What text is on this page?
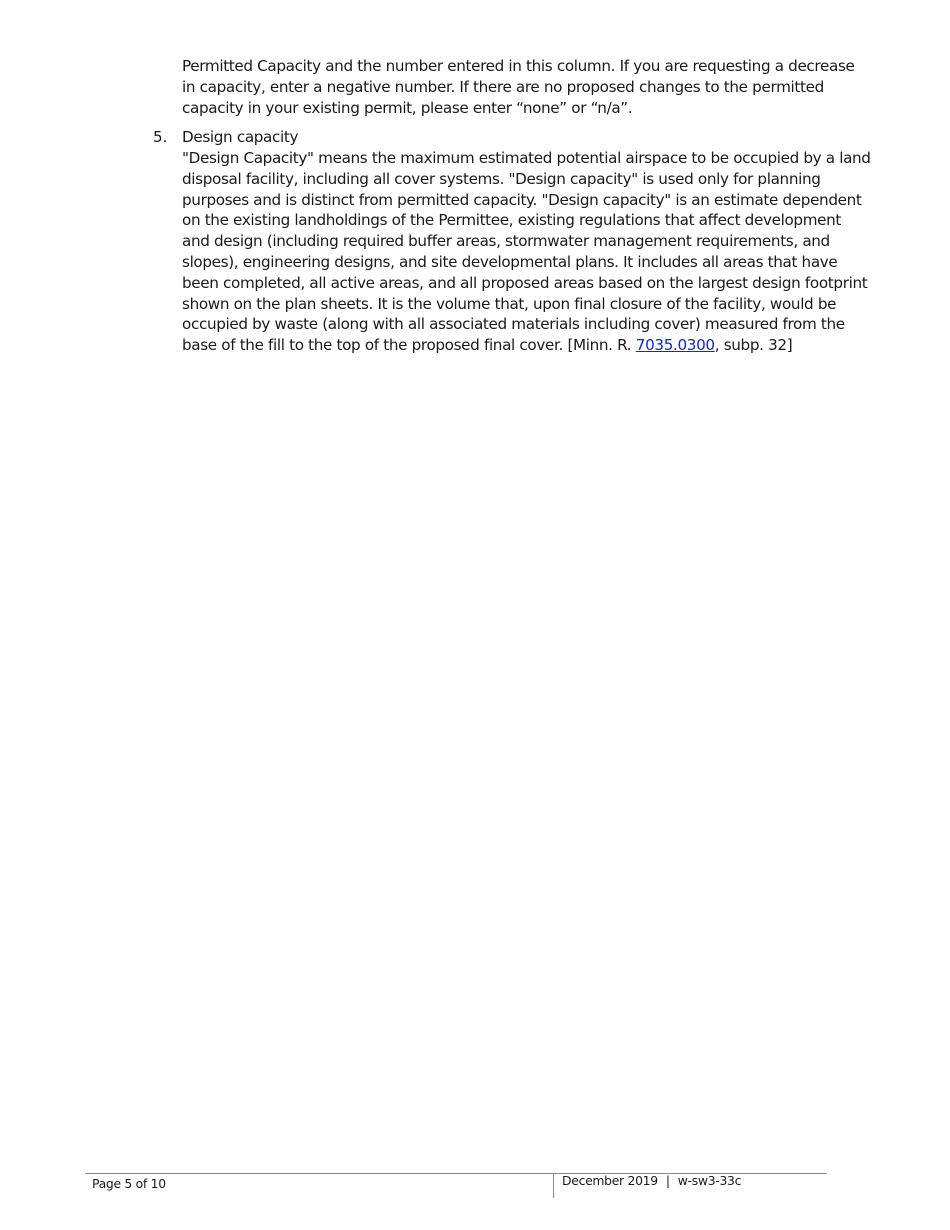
Permitted Capacity and the number entered in this column. If you are requesting a decrease in capacity, enter a negative number. If there are no proposed changes to the permitted capacity in your existing permit, please enter “none” or “n/a”.

5. Design capacity

"Design Capacity" means the maximum estimated potential airspace to be occupied by a land disposal facility, including all cover systems. "Design capacity" is used only for planning purposes and is distinct from permitted capacity. "Design capacity" is an estimate dependent on the existing landholdings of the Permittee, existing regulations that affect development and design (including required buffer areas, stormwater management requirements, and slopes), engineering designs, and site developmental plans. It includes all areas that have been completed, all active areas, and all proposed areas based on the largest design footprint shown on the plan sheets. It is the volume that, upon final closure of the facility, would be occupied by waste (along with all associated materials including cover) measured from the base of the fill to the top of the proposed final cover. [Minn. R. 7035.0300, subp. 32]

Page 5 of 10	December 2019 | w-sw3-33c
